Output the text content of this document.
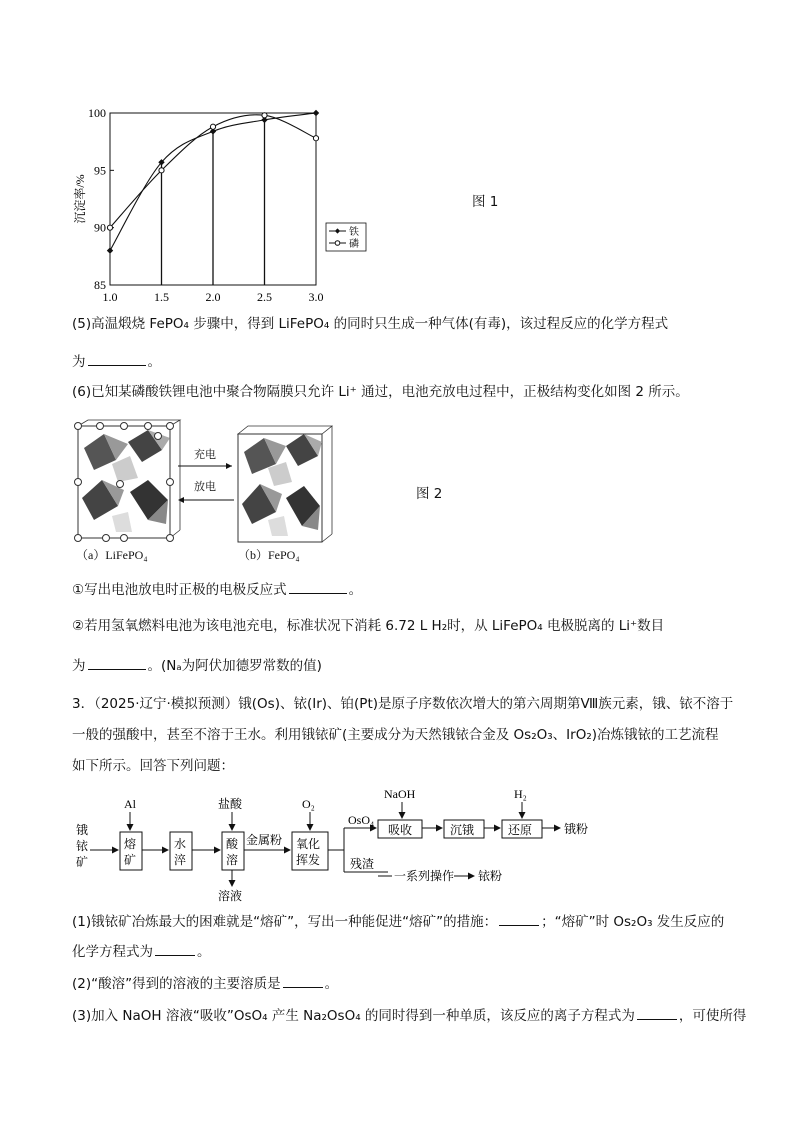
1.0	1.5	2.0	2.5	3.0
85
90
95
100
沉淀率/%
铁
磷
图 1
(5)高温煅烧 FePO₄ 步骤中，得到 LiFePO₄ 的同时只生成一种气体(有毒)，该过程反应的化学方程式
为	。
(6)已知某磷酸铁锂电池中聚合物隔膜只允许 Li⁺ 通过，电池充放电过程中，正极结构变化如图 2 所示。
充电
放电
（a）LiFePO₄	（b）FePO₄
图 2
①写出电池放电时正极的电极反应式	。
②若用氢氧燃料电池为该电池充电，标准状况下消耗 6.72 L H₂时，从 LiFePO₄ 电极脱离的 Li⁺数目
为	。(Nₐ为阿伏加德罗常数的值)
3．（2025·辽宁·模拟预测）锇(Os)、铱(Ir)、铂(Pt)是原子序数依次增大的第六周期第Ⅷ族元素，锇、铱不溶于
一般的强酸中，甚至不溶于王水。利用锇铱矿(主要成分为天然锇铱合金及 Os₂O₃、IrO₂)冶炼锇铱的工艺流程
如下所示。回答下列问题：
锇
铱
矿
Al
熔
矿
水
淬
盐酸
酸
溶
溶液
金属粉
O₂
氧化
挥发
OsO₄
NaOH
吸收	沉锇
H₂
还原	锇粉
残渣
一系列操作 铱粉
(1)锇铱矿冶炼最大的困难就是“熔矿”，写出一种能促进“熔矿”的措施：	；“熔矿”时 Os₂O₃ 发生反应的
化学方程式为	。
(2)“酸溶”得到的溶液的主要溶质是	。
(3)加入 NaOH 溶液“吸收”OsO₄ 产生 Na₂OsO₄ 的同时得到一种单质，该反应的离子方程式为	，可使所得
